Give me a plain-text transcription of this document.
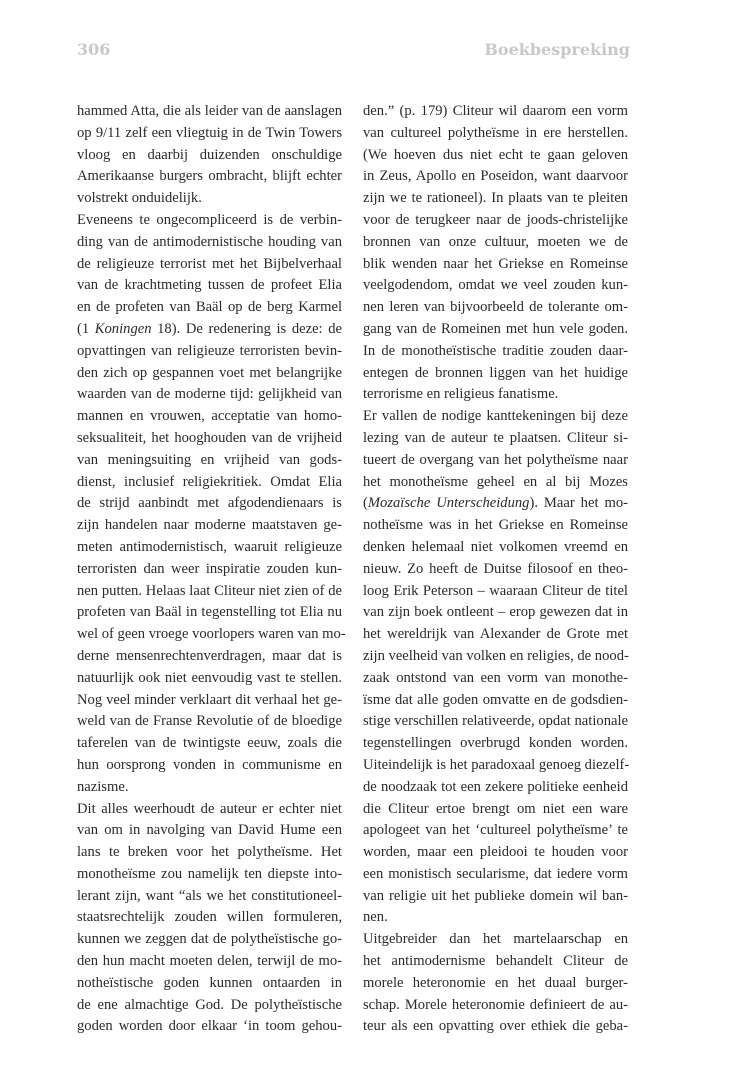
306	Boekbespreking
hammed Atta, die als leider van de aanslagen
op 9/11 zelf een vliegtuig in de Twin Towers
vloog en daarbij duizenden onschuldige
Amerikaanse burgers ombracht, blijft echter
volstrekt onduidelijk.
Eveneens te ongecompliceerd is de verbin-
ding van de antimodernistische houding van
de religieuze terrorist met het Bijbelverhaal
van de krachtmeting tussen de profeet Elia
en de profeten van Baäl op de berg Karmel
(1 Koningen 18). De redenering is deze: de
opvattingen van religieuze terroristen bevin-
den zich op gespannen voet met belangrijke
waarden van de moderne tijd: gelijkheid van
mannen en vrouwen, acceptatie van homo-
seksualiteit, het hooghouden van de vrijheid
van meningsuiting en vrijheid van gods-
dienst, inclusief religiekritiek. Omdat Elia
de strijd aanbindt met afgodendienaars is
zijn handelen naar moderne maatstaven ge-
meten antimodernistisch, waaruit religieuze
terroristen dan weer inspiratie zouden kun-
nen putten. Helaas laat Cliteur niet zien of de
profeten van Baäl in tegenstelling tot Elia nu
wel of geen vroege voorlopers waren van mo-
derne mensenrechtenverdragen, maar dat is
natuurlijk ook niet eenvoudig vast te stellen.
Nog veel minder verklaart dit verhaal het ge-
weld van de Franse Revolutie of de bloedige
taferelen van de twintigste eeuw, zoals die
hun oorsprong vonden in communisme en
nazisme.
Dit alles weerhoudt de auteur er echter niet
van om in navolging van David Hume een
lans te breken voor het polytheïsme. Het
monotheïsme zou namelijk ten diepste into-
lerant zijn, want “als we het constitutioneel-
staatsrechtelijk zouden willen formuleren,
kunnen we zeggen dat de polytheïstische go-
den hun macht moeten delen, terwijl de mo-
notheïstische goden kunnen ontaarden in
de ene almachtige God. De polytheïstische
goden worden door elkaar ‘in toom gehou-
den.” (p. 179) Cliteur wil daarom een vorm
van cultureel polytheïsme in ere herstellen.
(We hoeven dus niet echt te gaan geloven
in Zeus, Apollo en Poseidon, want daarvoor
zijn we te rationeel). In plaats van te pleiten
voor de terugkeer naar de joods-christelijke
bronnen van onze cultuur, moeten we de
blik wenden naar het Griekse en Romeinse
veelgodendom, omdat we veel zouden kun-
nen leren van bijvoorbeeld de tolerante om-
gang van de Romeinen met hun vele goden.
In de monotheïstische traditie zouden daar-
entegen de bronnen liggen van het huidige
terrorisme en religieus fanatisme.
Er vallen de nodige kanttekeningen bij deze
lezing van de auteur te plaatsen. Cliteur si-
tueert de overgang van het polytheïsme naar
het monotheïsme geheel en al bij Mozes
(Mozaïsche Unterscheidung). Maar het mo-
notheïsme was in het Griekse en Romeinse
denken helemaal niet volkomen vreemd en
nieuw. Zo heeft de Duitse filosoof en theo-
loog Erik Peterson – waaraan Cliteur de titel
van zijn boek ontleent – erop gewezen dat in
het wereldrijk van Alexander de Grote met
zijn veelheid van volken en religies, de nood-
zaak ontstond van een vorm van monothe-
ïsme dat alle goden omvatte en de godsdien-
stige verschillen relativeerde, opdat nationale
tegenstellingen overbrugd konden worden.
Uiteindelijk is het paradoxaal genoeg diezelf-
de noodzaak tot een zekere politieke eenheid
die Cliteur ertoe brengt om niet een ware
apologeet van het ‘cultureel polytheïsme’ te
worden, maar een pleidooi te houden voor
een monistisch secularisme, dat iedere vorm
van religie uit het publieke domein wil ban-
nen.
Uitgebreider dan het martelaarschap en
het antimodernisme behandelt Cliteur de
morele heteronomie en het duaal burger-
schap. Morele heteronomie definieert de au-
teur als een opvatting over ethiek die geba-
